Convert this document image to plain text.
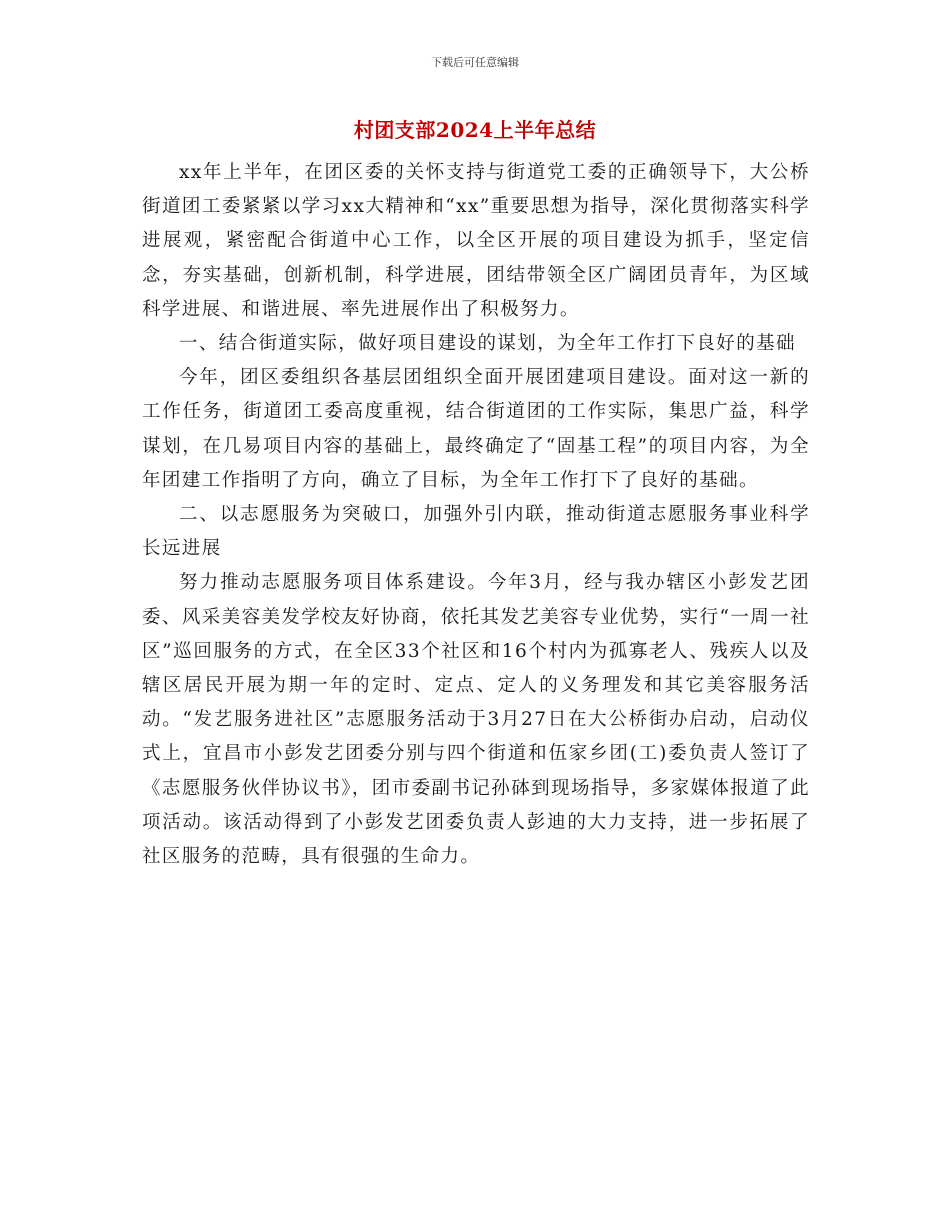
下载后可任意编辑
村团支部2024上半年总结

xx年上半年，在团区委的关怀支持与街道党工委的正确领导下，大公桥街道团工委紧紧以学习xx大精神和“xx”重要思想为指导，深化贯彻落实科学进展观，紧密配合街道中心工作，以全区开展的项目建设为抓手，坚定信念，夯实基础，创新机制，科学进展，团结带领全区广阔团员青年，为区域科学进展、和谐进展、率先进展作出了积极努力。

一、结合街道实际，做好项目建设的谋划，为全年工作打下良好的基础

今年，团区委组织各基层团组织全面开展团建项目建设。面对这一新的工作任务，街道团工委高度重视，结合街道团的工作实际，集思广益，科学谋划，在几易项目内容的基础上，最终确定了“固基工程”的项目内容，为全年团建工作指明了方向，确立了目标，为全年工作打下了良好的基础。

二、以志愿服务为突破口，加强外引内联，推动街道志愿服务事业科学长远进展

努力推动志愿服务项目体系建设。今年3月，经与我办辖区小彭发艺团委、风采美容美发学校友好协商，依托其发艺美容专业优势，实行“一周一社区”巡回服务的方式，在全区33个社区和16个村内为孤寡老人、残疾人以及辖区居民开展为期一年的定时、定点、定人的义务理发和其它美容服务活动。“发艺服务进社区”志愿服务活动于3月27日在大公桥街办启动，启动仪式上，宜昌市小彭发艺团委分别与四个街道和伍家乡团(工)委负责人签订了《志愿服务伙伴协议书》，团市委副书记孙砵到现场指导，多家媒体报道了此项活动。该活动得到了小彭发艺团委负责人彭迪的大力支持，进一步拓展了社区服务的范畴，具有很强的生命力。
